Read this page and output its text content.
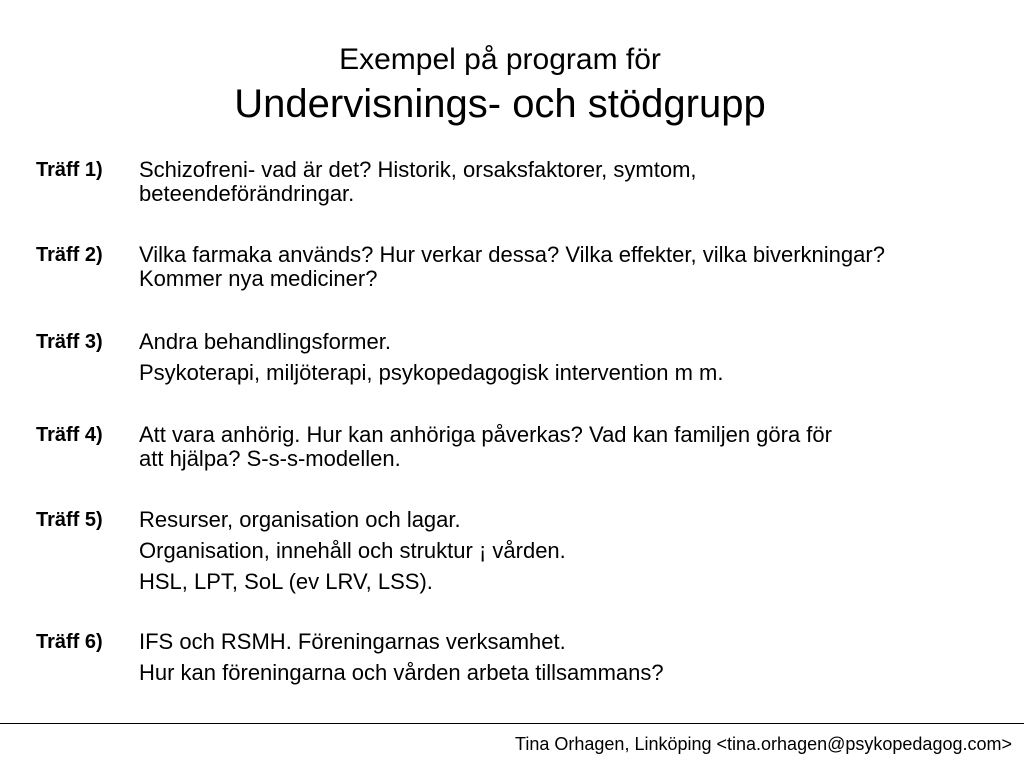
Exempel på program för
Undervisnings- och stödgrupp
Träff 1) Schizofreni- vad är det? Historik, orsaksfaktorer, symtom,
beteendeförändringar.
Träff 2) Vilka farmaka används? Hur verkar dessa? Vilka effekter, vilka biverkningar?
Kommer nya mediciner?
Träff 3) Andra behandlingsformer.
Psykoterapi, miljöterapi, psykopedagogisk intervention m m.
Träff 4) Att vara anhörig. Hur kan anhöriga påverkas? Vad kan familjen göra för
att hjälpa? S-s-s-modellen.
Träff 5) Resurser, organisation och lagar.
Organisation, innehåll och struktur ¡ vården.
HSL, LPT, SoL (ev LRV, LSS).
Träff 6) IFS och RSMH. Föreningarnas verksamhet.
Hur kan föreningarna och vården arbeta tillsammans?
Tina Orhagen, Linköping <tina.orhagen@psykopedagog.com>
